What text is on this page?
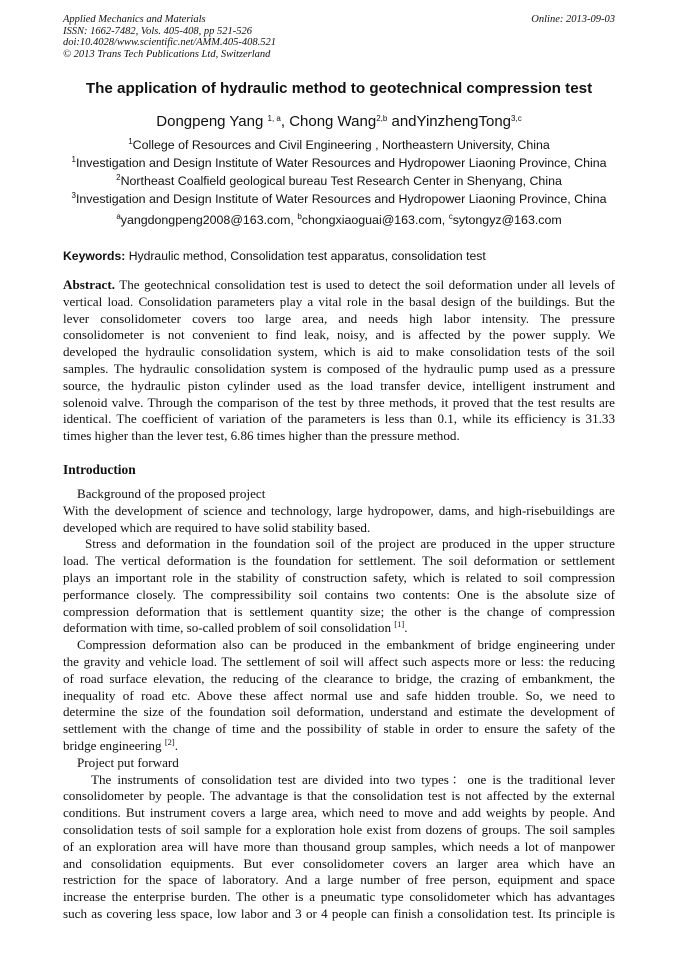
Applied Mechanics and Materials
ISSN: 1662-7482, Vols. 405-408, pp 521-526
doi:10.4028/www.scientific.net/AMM.405-408.521
© 2013 Trans Tech Publications Ltd, Switzerland
Online: 2013-09-03
The application of hydraulic method to geotechnical compression test
Dongpeng Yang $^{1, a}$, Chong Wang$^{2,b}$ andYinzhengTong$^{3,c}$
$^1$College of Resources and Civil Engineering , Northeastern University, China
$^1$Investigation and Design Institute of Water Resources and Hydropower Liaoning Province, China
$^2$Northeast Coalfield geological bureau Test Research Center in Shenyang, China
$^3$Investigation and Design Institute of Water Resources and Hydropower Liaoning Province, China
$^a$yangdongpeng2008@163.com, $^b$chongxiaoguai@163.com, $^c$sytongyz@163.com
Keywords: Hydraulic method, Consolidation test apparatus, consolidation test
Abstract. The geotechnical consolidation test is used to detect the soil deformation under all levels of
vertical load. Consolidation parameters play a vital role in the basal design of the buildings. But the
lever consolidometer covers too large area, and needs high labor intensity. The pressure
consolidometer is not convenient to find leak, noisy, and is affected by the power supply. We
developed the hydraulic consolidation system, which is aid to make consolidation tests of the soil
samples. The hydraulic consolidation system is composed of the hydraulic pump used as a pressure
source, the hydraulic piston cylinder used as the load transfer device, intelligent instrument and
solenoid valve. Through the comparison of the test by three methods, it proved that the test results are
identical. The coefficient of variation of the parameters is less than 0.1, while its efficiency is 31.33
times higher than the lever test, 6.86 times higher than the pressure method.
Introduction
Background of the proposed project
With the development of science and technology, large hydropower, dams, and high-risebuildings are
developed which are required to have solid stability based.
Stress and deformation in the foundation soil of the project are produced in the upper structure
load. The vertical deformation is the foundation for settlement. The soil deformation or settlement
plays an important role in the stability of construction safety, which is related to soil compression
performance closely. The compressibility soil contains two contents: One is the absolute size of
compression deformation that is settlement quantity size; the other is the change of compression
deformation with time, so-called problem of soil consolidation [1].
Compression deformation also can be produced in the embankment of bridge engineering under
the gravity and vehicle load. The settlement of soil will affect such aspects more or less: the reducing
of road surface elevation, the reducing of the clearance to bridge, the crazing of embankment, the
inequality of road etc. Above these affect normal use and safe hidden trouble. So, we need to
determine the size of the foundation soil deformation, understand and estimate the development of
settlement with the change of time and the possibility of stable in order to ensure the safety of the
bridge engineering [2].
Project put forward
The instruments of consolidation test are divided into two types：one is the traditional lever
consolidometer by people. The advantage is that the consolidation test is not affected by the external
conditions. But instrument covers a large area, which need to move and add weights by people. And
consolidation tests of soil sample for a exploration hole exist from dozens of groups. The soil samples
of an exploration area will have more than thousand group samples, which needs a lot of manpower
and consolidation equipments. But ever consolidometer covers an larger area which have an
restriction for the space of laboratory. And a large number of free person, equipment and space
increase the enterprise burden. The other is a pneumatic type consolidometer which has advantages
such as covering less space, low labor and 3 or 4 people can finish a consolidation test. Its principle is
